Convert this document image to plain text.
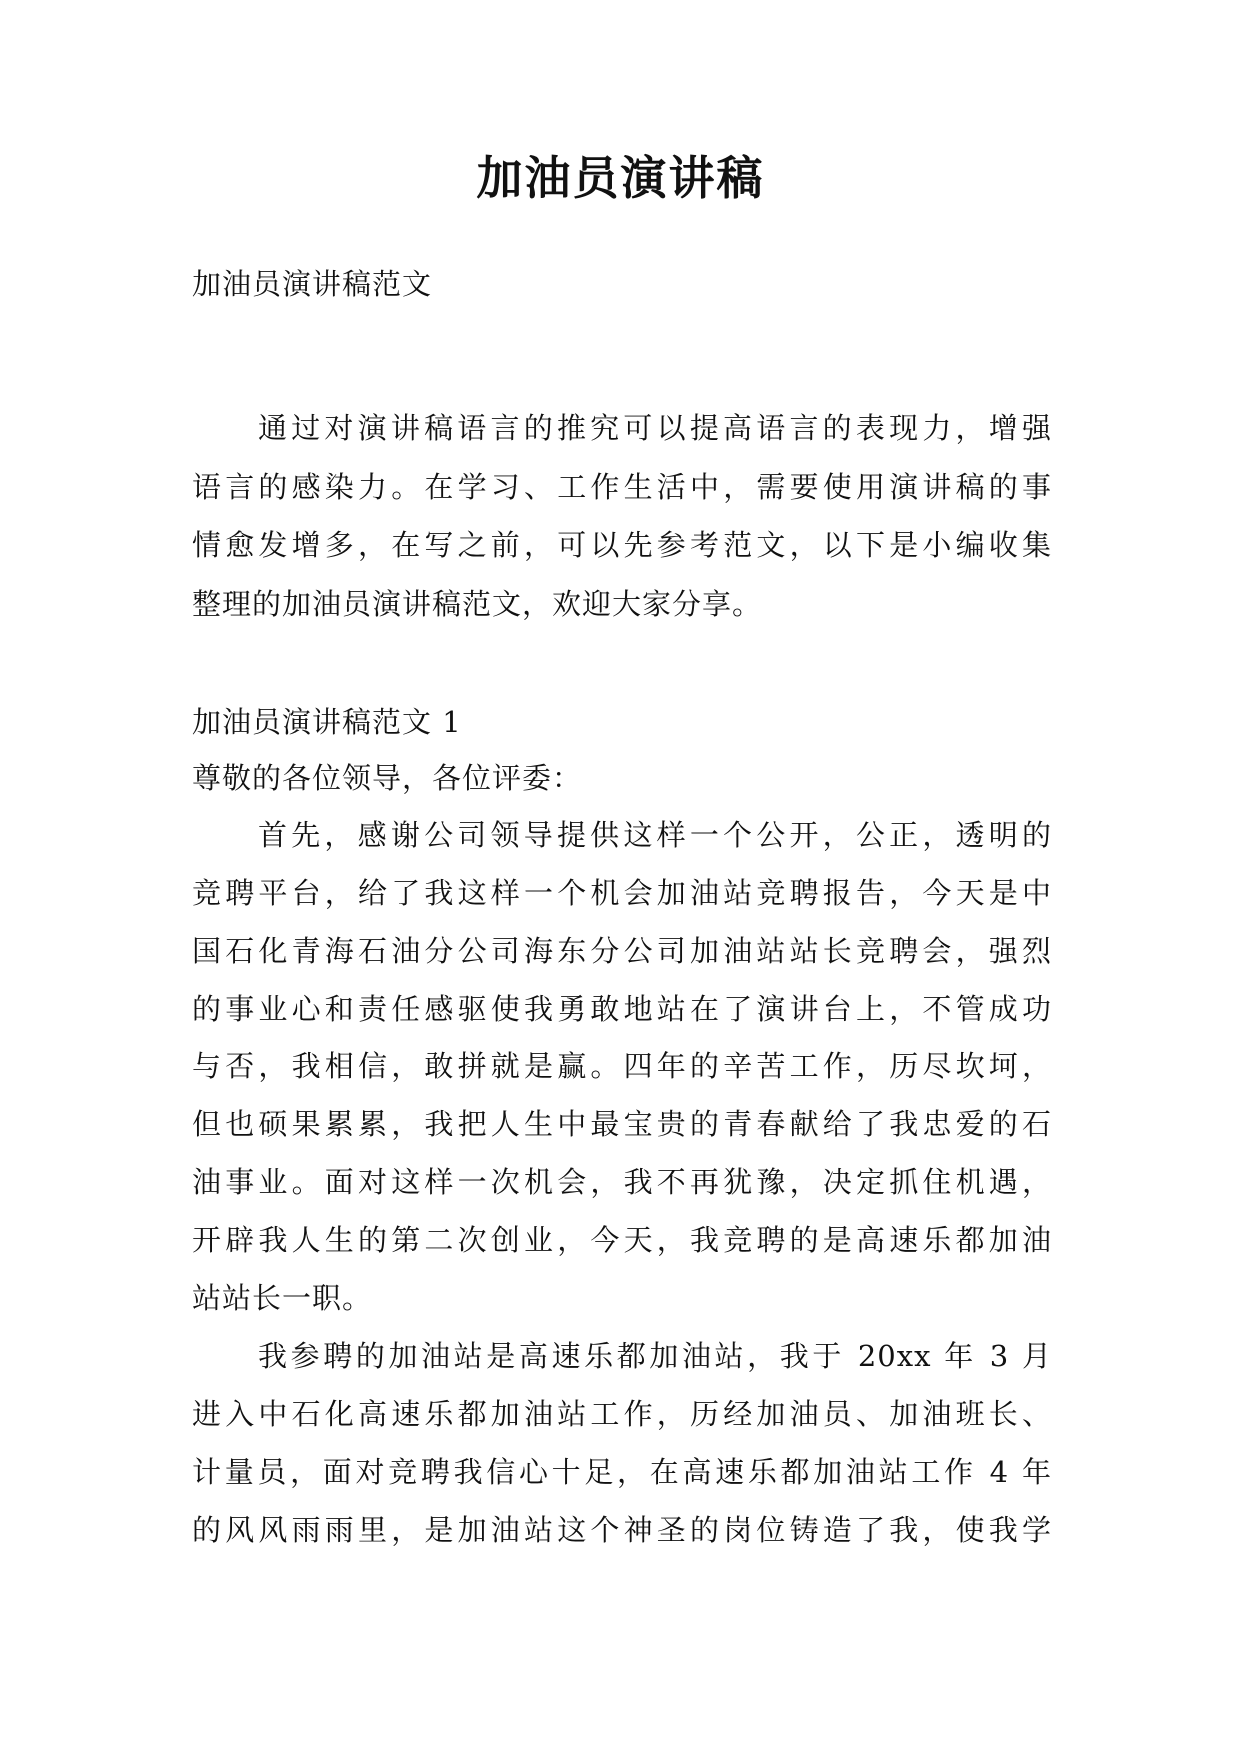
加油员演讲稿

加油员演讲稿范文

通过对演讲稿语言的推究可以提高语言的表现力，增强

语言的感染力。在学习、工作生活中，需要使用演讲稿的事

情愈发增多，在写之前，可以先参考范文，以下是小编收集

整理的加油员演讲稿范文，欢迎大家分享。

加油员演讲稿范文 1

尊敬的各位领导，各位评委：

首先，感谢公司领导提供这样一个公开，公正，透明的

竞聘平台，给了我这样一个机会加油站竞聘报告，今天是中

国石化青海石油分公司海东分公司加油站站长竞聘会，强烈

的事业心和责任感驱使我勇敢地站在了演讲台上，不管成功

与否，我相信，敢拼就是赢。四年的辛苦工作，历尽坎坷，

但也硕果累累，我把人生中最宝贵的青春献给了我忠爱的石

油事业。面对这样一次机会，我不再犹豫，决定抓住机遇，

开辟我人生的第二次创业，今天，我竞聘的是高速乐都加油

站站长一职。

我参聘的加油站是高速乐都加油站，我于 20xx 年 3 月

进入中石化高速乐都加油站工作，历经加油员、加油班长、

计量员，面对竞聘我信心十足，在高速乐都加油站工作 4 年

的风风雨雨里，是加油站这个神圣的岗位铸造了我，使我学
